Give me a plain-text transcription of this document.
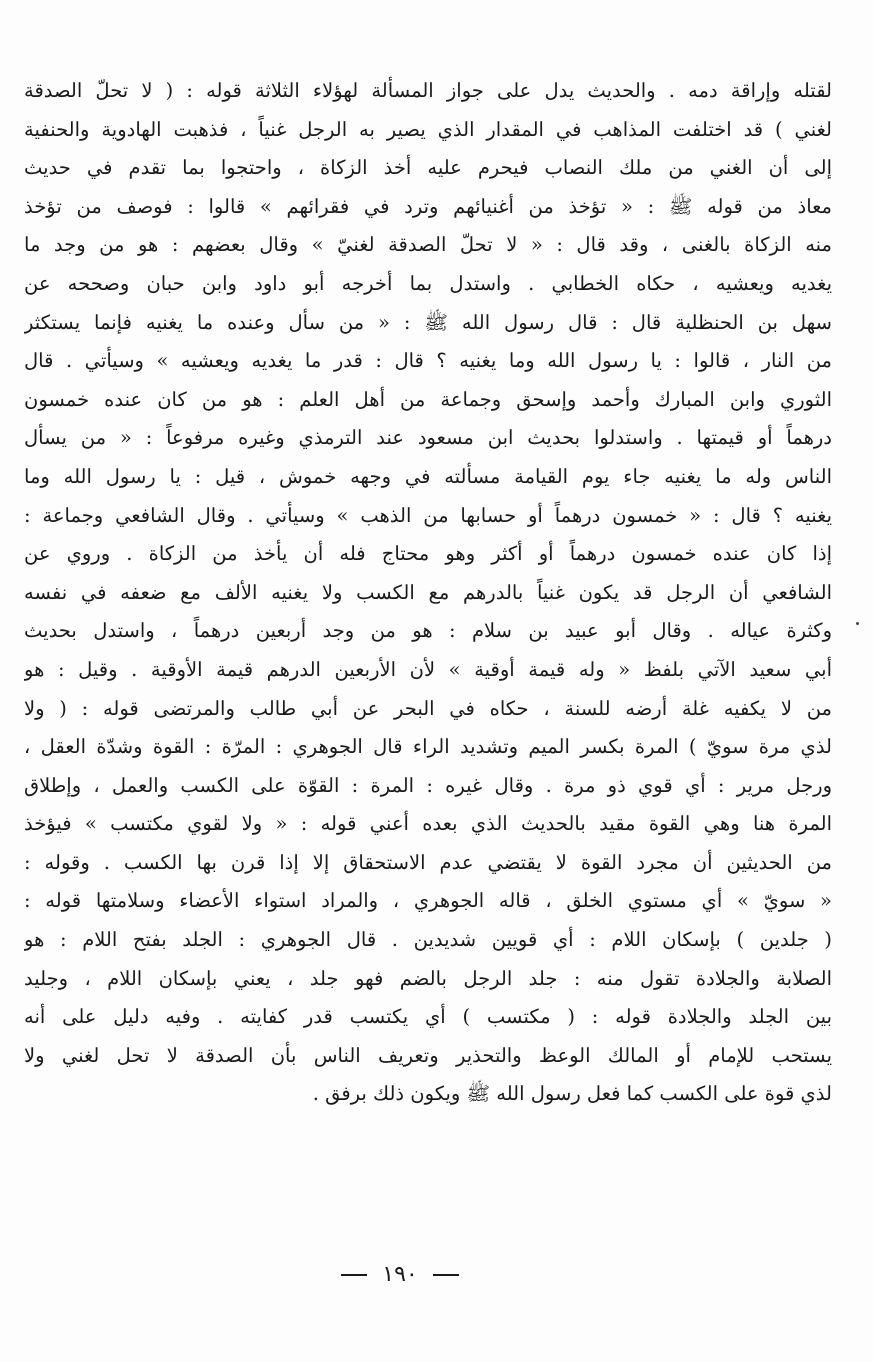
لقتله وإراقة دمه . والحديث يدل على جواز المسألة لهؤلاء الثلاثة قوله : ( لا تحلّ الصدقة
لغني ) قد اختلفت المذاهب في المقدار الذي يصير به الرجل غنياً ، فذهبت الهادوية والحنفية
إلى أن الغني من ملك النصاب فيحرم عليه أخذ الزكاة ، واحتجوا بما تقدم في حديث
معاذ من قوله ﷺ : « تؤخذ من أغنيائهم وترد في فقرائهم » قالوا : فوصف من تؤخذ
منه الزكاة بالغنى ، وقد قال : « لا تحلّ الصدقة لغنيّ » وقال بعضهم : هو من وجد ما
يغديه ويعشيه ، حكاه الخطابي . واستدل بما أخرجه أبو داود وابن حبان وصححه عن
سهل بن الحنظلية قال : قال رسول الله ﷺ : « من سأل وعنده ما يغنيه فإنما يستكثر
من النار ، قالوا : يا رسول الله وما يغنيه ؟ قال : قدر ما يغديه ويعشيه » وسيأتي . قال
الثوري وابن المبارك وأحمد وإسحق وجماعة من أهل العلم : هو من كان عنده خمسون
درهماً أو قيمتها . واستدلوا بحديث ابن مسعود عند الترمذي وغيره مرفوعاً : « من يسأل
الناس وله ما يغنيه جاء يوم القيامة مسألته في وجهه خموش ، قيل : يا رسول الله وما
يغنيه ؟ قال : « خمسون درهماً أو حسابها من الذهب » وسيأتي . وقال الشافعي وجماعة :
إذا كان عنده خمسون درهماً أو أكثر وهو محتاج فله أن يأخذ من الزكاة . وروي عن
الشافعي أن الرجل قد يكون غنياً بالدرهم مع الكسب ولا يغنيه الألف مع ضعفه في نفسه
وكثرة عياله . وقال أبو عبيد بن سلام : هو من وجد أربعين درهماً ، واستدل بحديث
أبي سعيد الآتي بلفظ « وله قيمة أوقية » لأن الأربعين الدرهم قيمة الأوقية . وقيل : هو
من لا يكفيه غلة أرضه للسنة ، حكاه في البحر عن أبي طالب والمرتضى قوله : ( ولا
لذي مرة سويّ ) المرة بكسر الميم وتشديد الراء قال الجوهري : المرّة : القوة وشدّة العقل ،
ورجل مرير : أي قوي ذو مرة . وقال غيره : المرة : القوّة على الكسب والعمل ، وإطلاق
المرة هنا وهي القوة مقيد بالحديث الذي بعده أعني قوله : « ولا لقوي مكتسب » فيؤخذ
من الحديثين أن مجرد القوة لا يقتضي عدم الاستحقاق إلا إذا قرن بها الكسب . وقوله :
« سويّ » أي مستوي الخلق ، قاله الجوهري ، والمراد استواء الأعضاء وسلامتها قوله :
( جلدين ) بإسكان اللام : أي قويين شديدين . قال الجوهري : الجلد بفتح اللام : هو
الصلابة والجلادة تقول منه : جلد الرجل بالضم فهو جلد ، يعني بإسكان اللام ، وجليد
بين الجلد والجلادة قوله : ( مكتسب ) أي يكتسب قدر كفايته . وفيه دليل على أنه
يستحب للإمام أو المالك الوعظ والتحذير وتعريف الناس بأن الصدقة لا تحل لغني ولا
لذي قوة على الكسب كما فعل رسول الله ﷺ ويكون ذلك برفق .
١٩٠
